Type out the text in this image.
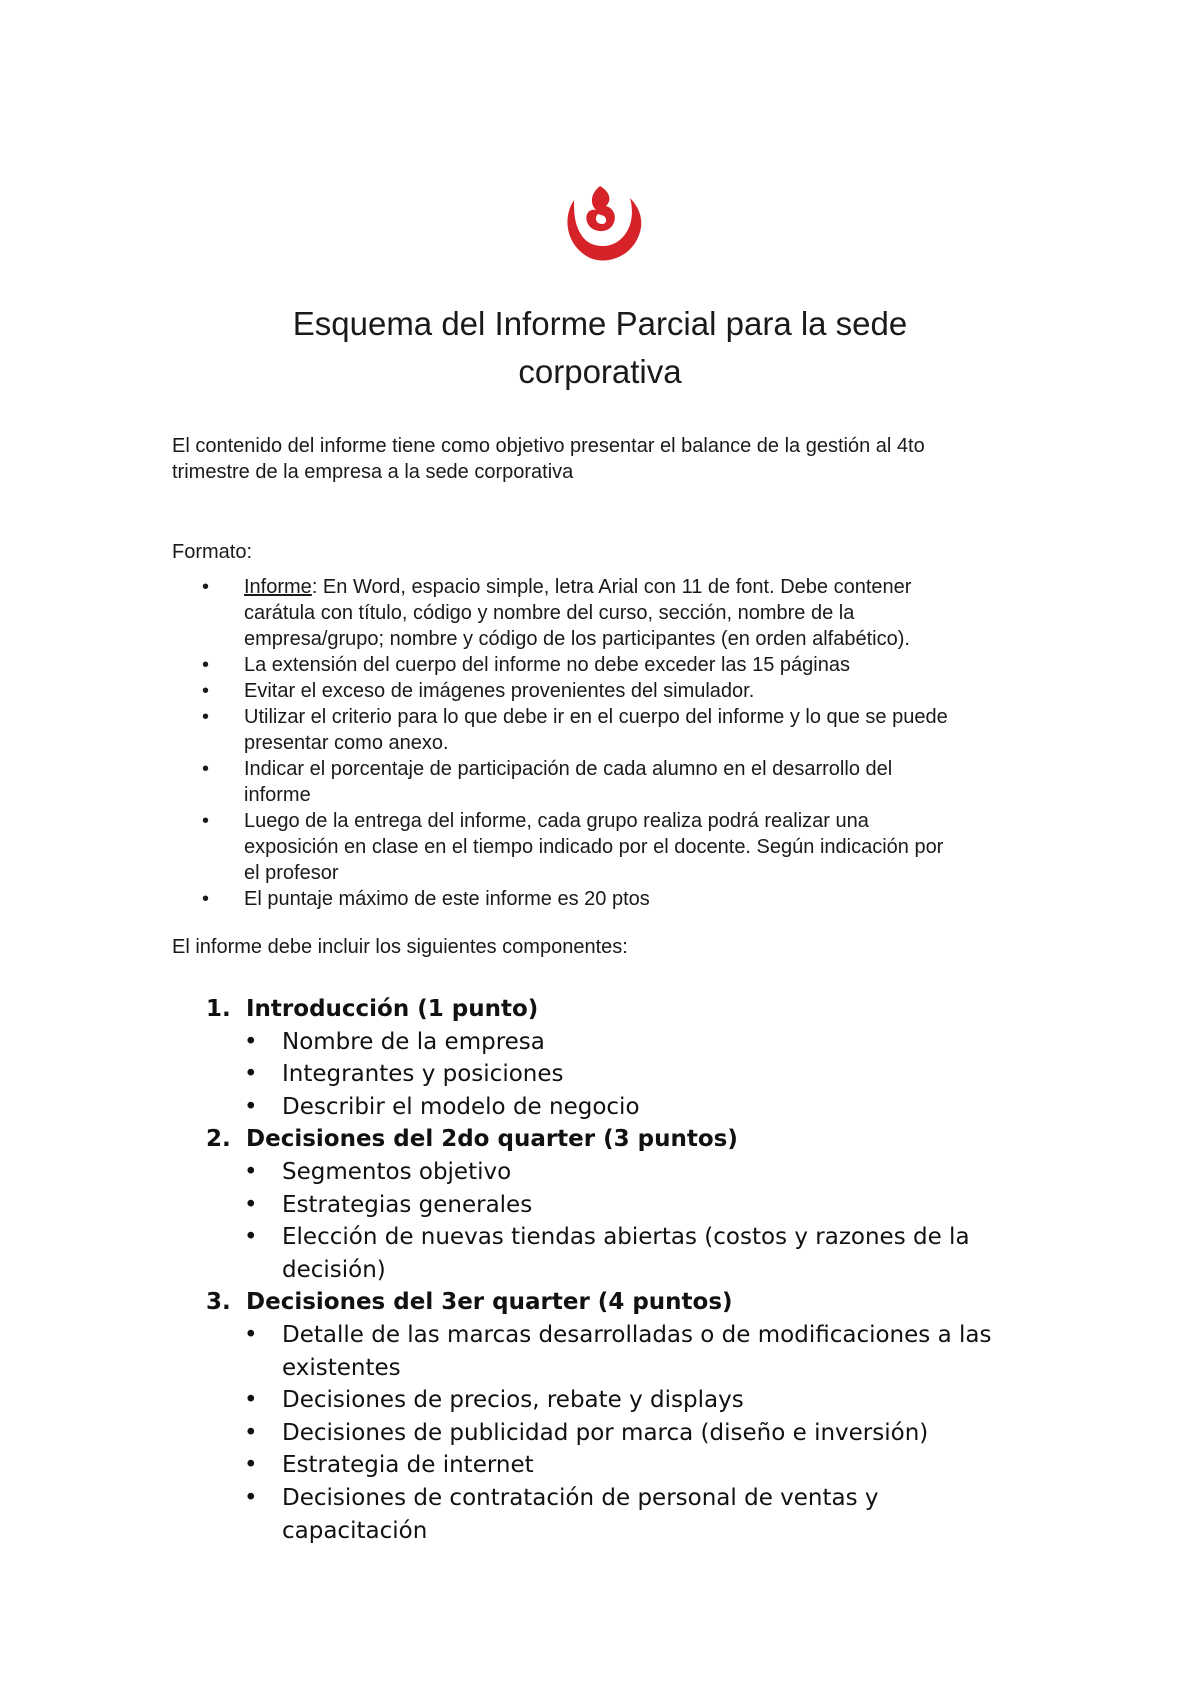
Esquema del Informe Parcial para la sede
corporativa

El contenido del informe tiene como objetivo presentar el balance de la gestión al 4to
trimestre de la empresa a la sede corporativa

Formato:

• Informe: En Word, espacio simple, letra Arial con 11 de font. Debe contener
carátula con título, código y nombre del curso, sección, nombre de la
empresa/grupo; nombre y código de los participantes (en orden alfabético).
• La extensión del cuerpo del informe no debe exceder las 15 páginas
• Evitar el exceso de imágenes provenientes del simulador.
• Utilizar el criterio para lo que debe ir en el cuerpo del informe y lo que se puede
presentar como anexo.
• Indicar el porcentaje de participación de cada alumno en el desarrollo del
informe
• Luego de la entrega del informe, cada grupo realiza podrá realizar una
exposición en clase en el tiempo indicado por el docente. Según indicación por
el profesor
• El puntaje máximo de este informe es 20 ptos

El informe debe incluir los siguientes componentes:

1. Introducción (1 punto)
• Nombre de la empresa
• Integrantes y posiciones
• Describir el modelo de negocio
2. Decisiones del 2do quarter (3 puntos)
• Segmentos objetivo
• Estrategias generales
• Elección de nuevas tiendas abiertas (costos y razones de la
decisión)
3. Decisiones del 3er quarter (4 puntos)
• Detalle de las marcas desarrolladas o de modificaciones a las
existentes
• Decisiones de precios, rebate y displays
• Decisiones de publicidad por marca (diseño e inversión)
• Estrategia de internet
• Decisiones de contratación de personal de ventas y
capacitación
